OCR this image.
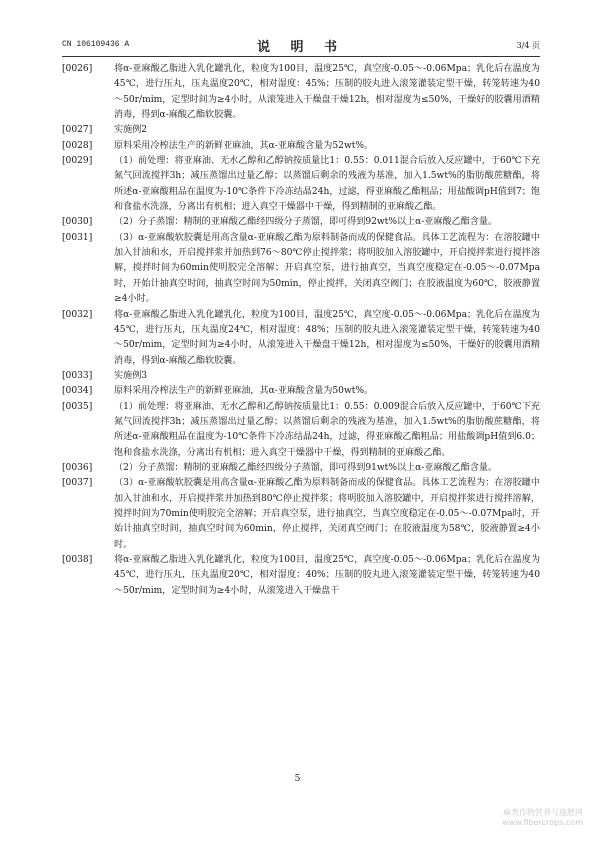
CN 106109436 A	说 明 书	3/4 页

[0026]	将α-亚麻酸乙脂进入乳化罐乳化，粒度为100目，温度25℃，真空度-0.05～-0.06Mpa；乳化后在温度为45℃，进行压丸，压丸温度20℃，相对湿度：45%；压制的胶丸进入滚笼灌装定型干燥，转笼转速为40～50r/mim，定型时间为≥4小时，从滚笼进入干燥盘干燥12h，相对湿度为≤50%，干燥好的胶囊用酒精消毒，得到α-麻酸乙酯软胶囊。

[0027]	实施例2

[0028]	原料采用冷榨法生产的新鲜亚麻油，其α-亚麻酸含量为52wt%。

[0029]	（1）前处理：将亚麻油、无水乙醇和乙醇钠按质量比1：0.55：0.011混合后放入反应罐中，于60℃下充氮气回流搅拌3h；减压蒸馏出过量乙醇；以蒸馏后剩余的残液为基准，加入1.5wt%的脂肪酸蔗糖酯，将所述α-亚麻酸粗品在温度为-10℃条件下冷冻结晶24h，过滤，得亚麻酸乙酯粗品；用盐酸调pH值到7；饱和食盐水洗涤，分离出有机相；进入真空干燥器中干燥，得到精制的亚麻酸乙酯。

[0030]	（2）分子蒸馏：精制的亚麻酸乙酯经四级分子蒸馏，即可得到92wt%以上α-亚麻酸乙酯含量。

[0031]	（3）α-亚麻酸软胶囊是用高含量α-亚麻酸乙酯为原料制备而成的保健食品。具体工艺流程为：在溶胶罐中加入甘油和水，开启搅拌浆并加热到76～80℃停止搅拌浆；将明胶加入溶胶罐中，开启搅拌浆进行搅拌溶解，搅拌时间为60min使明胶完全溶解；开启真空泵，进行抽真空，当真空度稳定在-0.05～-0.07Mpa时，开始计抽真空时间，抽真空时间为50min，停止搅拌，关闭真空阀门；在胶液温度为60℃，胶液静置≥4小时。

[0032]	将α-亚麻酸乙脂进入乳化罐乳化，粒度为100目，温度25℃，真空度-0.05～-0.06Mpa；乳化后在温度为45℃，进行压丸，压丸温度24℃，相对湿度：48%；压制的胶丸进入滚笼灌装定型干燥，转笼转速为40～50r/mim，定型时间为≥4小时，从滚笼进入干燥盘干燥12h，相对湿度为≤50%，干燥好的胶囊用酒精消毒，得到α-麻酸乙酯软胶囊。

[0033]	实施例3

[0034]	原料采用冷榨法生产的新鲜亚麻油，其α-亚麻酸含量为50wt%。

[0035]	（1）前处理：将亚麻油、无水乙醇和乙醇钠按质量比1：0.55：0.009混合后放入反应罐中，于60℃下充氮气回流搅拌3h；减压蒸馏出过量乙醇；以蒸馏后剩余的残液为基准，加入1.5wt%的脂肪酸蔗糖酯，将所述α-亚麻酸粗品在温度为-10℃条件下冷冻结晶24h，过滤，得亚麻酸乙酯粗品；用盐酸调pH值到6.0；饱和食盐水洗涤，分离出有机相；进入真空干燥器中干燥，得到精制的亚麻酸乙酯。

[0036]	（2）分子蒸馏：精制的亚麻酸乙酯经四级分子蒸馏，即可得到91wt%以上α-亚麻酸乙酯含量。

[0037]	（3）α-亚麻酸软胶囊是用高含量α-亚麻酸乙酯为原料制备而成的保健食品。具体工艺流程为：在溶胶罐中加入甘油和水，开启搅拌浆并加热到80℃停止搅拌浆；将明胶加入溶胶罐中，开启搅拌浆进行搅拌溶解，搅拌时间为70min使明胶完全溶解；开启真空泵，进行抽真空，当真空度稳定在-0.05～-0.07Mpa时，开始计抽真空时间，抽真空时间为60min，停止搅拌，关闭真空阀门；在胶液温度为58℃，胶液静置≥4小时。

[0038]	将α-亚麻酸乙脂进入乳化罐乳化，粒度为100目，温度25℃，真空度-0.05～-0.06Mpa；乳化后在温度为45℃，进行压丸，压丸温度20℃，相对湿度：40%；压制的胶丸进入滚笼灌装定型干燥，转笼转速为40～50r/mim，定型时间为≥4小时，从滚笼进入干燥盘干

5
麻类作物营养与施肥网
www.fibercrops.com
